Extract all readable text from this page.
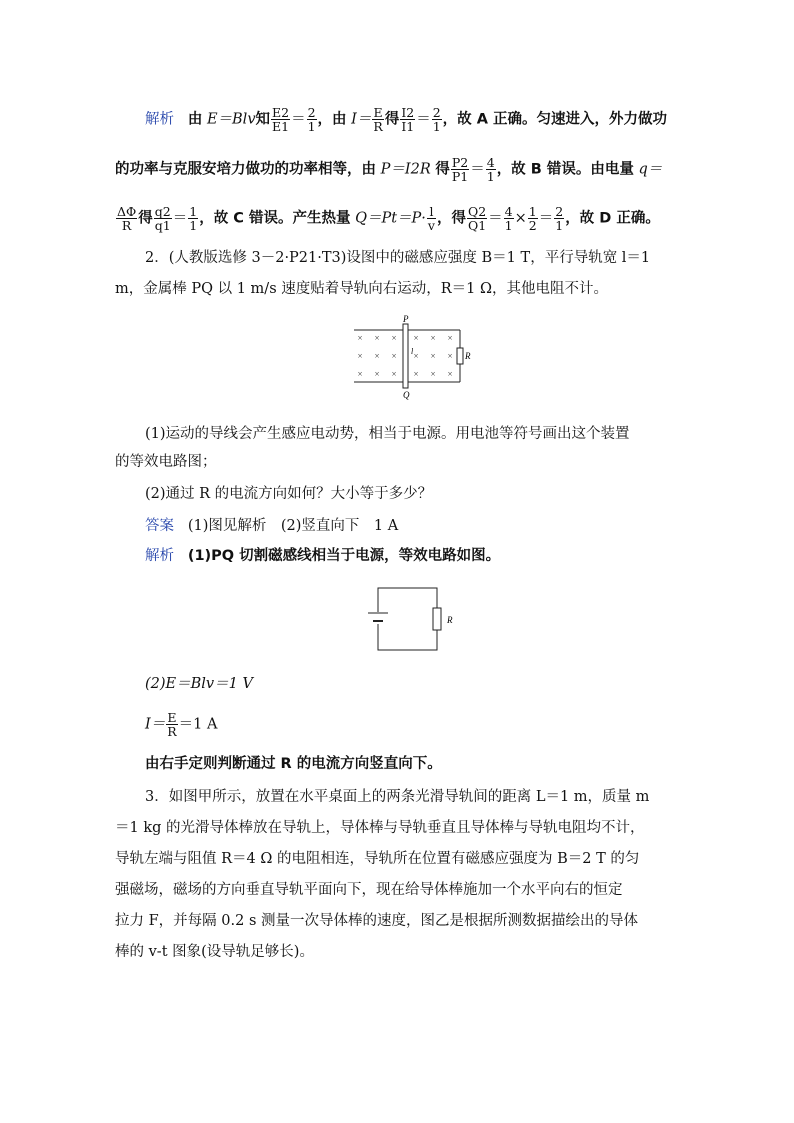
解析 由 E＝Blv知 $\frac{E2}{E1} = \frac{2}{1}$ ，由 $I= \frac{E}{R}$ 得 $\frac{I2}{I1} = \frac{2}{1}$ ，故 A 正确。匀速进入，外力做功
的功率与克服安培力做功的功率相等，由 P＝I2R 得 $\frac{P2}{P1} = \frac{4}{1}$ ，故 B 错误。由电量 q＝
$\frac{\Delta\Phi}{R}$ 得 $\frac{q2}{q1} = \frac{1}{1}$ ，故 C 错误。产生热量 $Q=Pt=P\cdot \frac{l}{v}$ ，得 $\frac{Q2}{Q1} = \frac{4}{1} \times \frac{1}{2} = \frac{2}{1}$ ，故 D 正确。
2．(人教版选修 3－2·P21·T3)设图中的磁感应强度 B＝1 T，平行导轨宽 l＝1
m，金属棒 PQ 以 1 m/s 速度贴着导轨向右运动，R＝1 Ω，其他电阻不计。
× × × × × ×
× × × × × ×
× × × × × ×
P
Q
l	R
(1)运动的导线会产生感应电动势，相当于电源。用电池等符号画出这个装置
的等效电路图；
(2)通过 R 的电流方向如何？大小等于多少？
答案 (1)图见解析　(2)竖直向下　1 A
解析 (1)PQ 切割磁感线相当于电源，等效电路如图。
R
(2)E＝Blv＝1 V
$I= \frac{E}{R} =1$ A
由右手定则判断通过 R 的电流方向竖直向下。
3．如图甲所示，放置在水平桌面上的两条光滑导轨间的距离 L＝1 m，质量 m
＝1 kg 的光滑导体棒放在导轨上，导体棒与导轨垂直且导体棒与导轨电阻均不计，
导轨左端与阻值 R＝4 Ω 的电阻相连，导轨所在位置有磁感应强度为 B＝2 T 的匀
强磁场，磁场的方向垂直导轨平面向下，现在给导体棒施加一个水平向右的恒定
拉力 F，并每隔 0.2 s 测量一次导体棒的速度，图乙是根据所测数据描绘出的导体
棒的 v-t 图象(设导轨足够长)。
